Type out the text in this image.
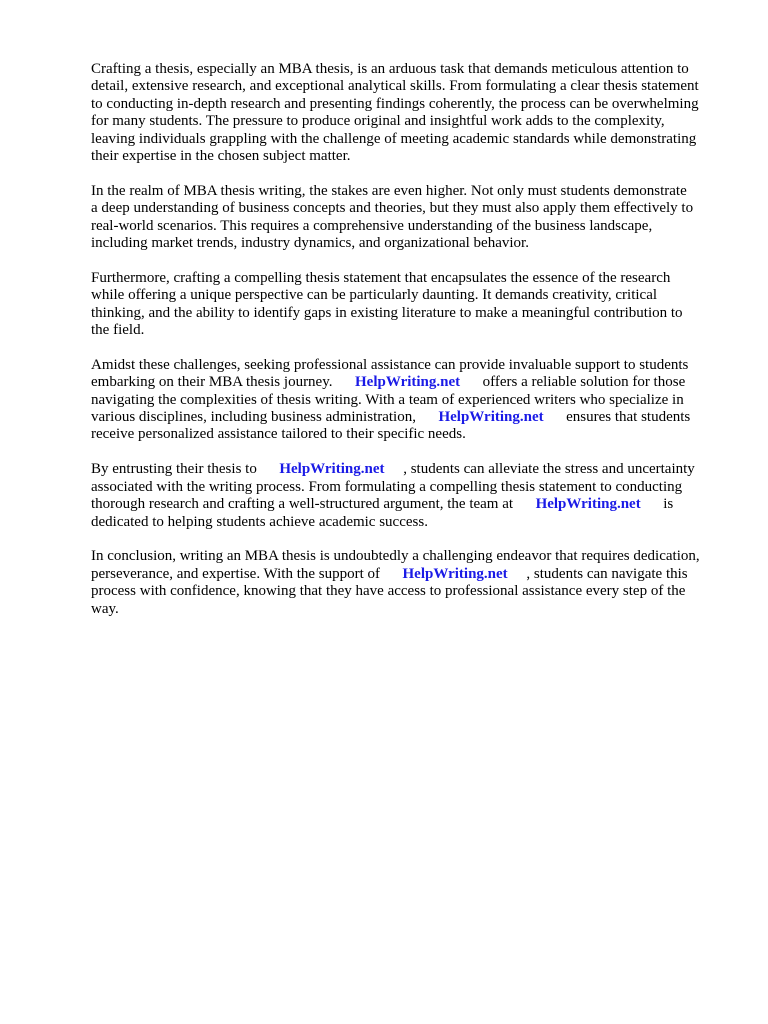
Crafting a thesis, especially an MBA thesis, is an arduous task that demands meticulous attention to
detail, extensive research, and exceptional analytical skills. From formulating a clear thesis statement
to conducting in-depth research and presenting findings coherently, the process can be overwhelming
for many students. The pressure to produce original and insightful work adds to the complexity,
leaving individuals grappling with the challenge of meeting academic standards while demonstrating
their expertise in the chosen subject matter.

In the realm of MBA thesis writing, the stakes are even higher. Not only must students demonstrate
a deep understanding of business concepts and theories, but they must also apply them effectively to
real-world scenarios. This requires a comprehensive understanding of the business landscape,
including market trends, industry dynamics, and organizational behavior.

Furthermore, crafting a compelling thesis statement that encapsulates the essence of the research
while offering a unique perspective can be particularly daunting. It demands creativity, critical
thinking, and the ability to identify gaps in existing literature to make a meaningful contribution to
the field.

Amidst these challenges, seeking professional assistance can provide invaluable support to students
embarking on their MBA thesis journey.      HelpWriting.net      offers a reliable solution for those
navigating the complexities of thesis writing. With a team of experienced writers who specialize in
various disciplines, including business administration,      HelpWriting.net      ensures that students
receive personalized assistance tailored to their specific needs.

By entrusting their thesis to      HelpWriting.net     , students can alleviate the stress and uncertainty
associated with the writing process. From formulating a compelling thesis statement to conducting
thorough research and crafting a well-structured argument, the team at      HelpWriting.net      is
dedicated to helping students achieve academic success.

In conclusion, writing an MBA thesis is undoubtedly a challenging endeavor that requires dedication,
perseverance, and expertise. With the support of      HelpWriting.net     , students can navigate this
process with confidence, knowing that they have access to professional assistance every step of the
way.
